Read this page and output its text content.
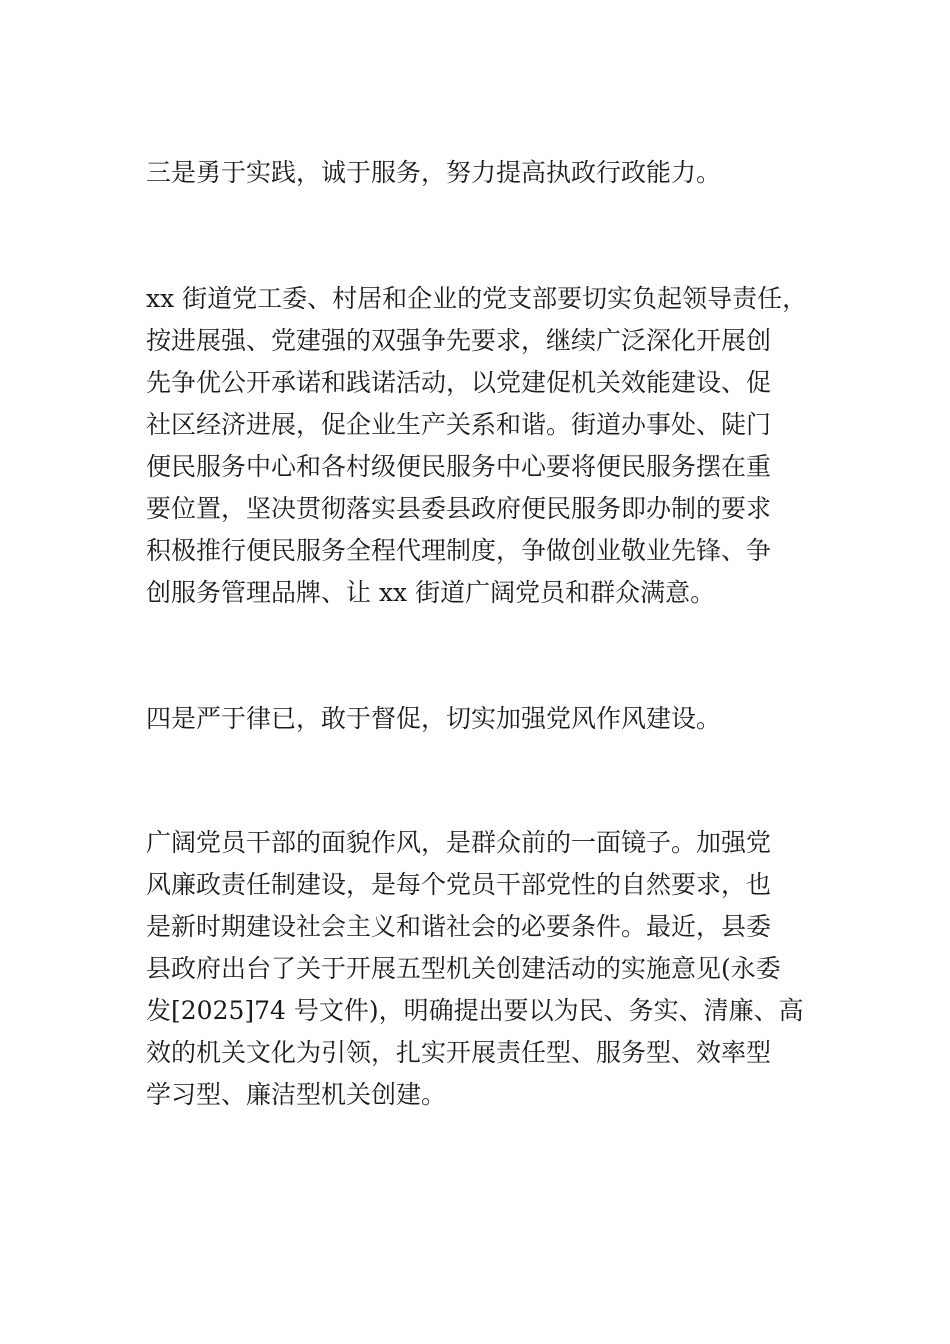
三是勇于实践，诚于服务，努力提高执政行政能力。

xx 街道党工委、村居和企业的党支部要切实负起领导责任，
按进展强、党建强的双强争先要求，继续广泛深化开展创
先争优公开承诺和践诺活动，以党建促机关效能建设、促
社区经济进展，促企业生产关系和谐。街道办事处、陡门
便民服务中心和各村级便民服务中心要将便民服务摆在重
要位置，坚决贯彻落实县委县政府便民服务即办制的要求
积极推行便民服务全程代理制度，争做创业敬业先锋、争
创服务管理品牌、让 xx 街道广阔党员和群众满意。

四是严于律已，敢于督促，切实加强党风作风建设。

广阔党员干部的面貌作风，是群众前的一面镜子。加强党
风廉政责任制建设，是每个党员干部党性的自然要求，也
是新时期建设社会主义和谐社会的必要条件。最近，县委
县政府出台了关于开展五型机关创建活动的实施意见(永委
发[2025]74 号文件)，明确提出要以为民、务实、清廉、高
效的机关文化为引领，扎实开展责任型、服务型、效率型
学习型、廉洁型机关创建。
